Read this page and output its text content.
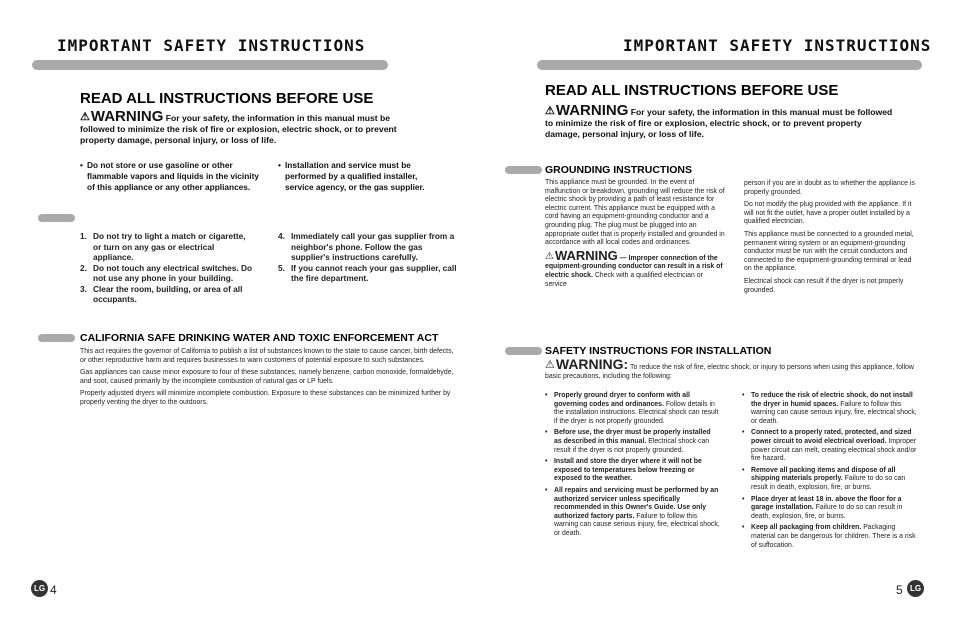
IMPORTANT SAFETY INSTRUCTIONS
READ ALL INSTRUCTIONS BEFORE USE
⚠WARNING For your safety, the information in this manual must be followed to minimize the risk of fire or explosion, electric shock, or to prevent property damage, personal injury, or loss of life.
• Do not store or use gasoline or other flammable vapors and liquids in the vicinity of this appliance or any other appliances.
• Installation and service must be performed by a qualified installer, service agency, or the gas supplier.
1. Do not try to light a match or cigarette, or turn on any gas or electrical appliance.
2. Do not touch any electrical switches. Do not use any phone in your building.
3. Clear the room, building, or area of all occupants.
4. Immediately call your gas supplier from a neighbor's phone. Follow the gas supplier's instructions carefully.
5. If you cannot reach your gas supplier, call the fire department.
CALIFORNIA SAFE DRINKING WATER AND TOXIC ENFORCEMENT ACT

This act requires the governor of California to publish a list of substances known to the state to cause cancer, birth defects, or other reproductive harm and requires businesses to warn customers of potential exposure to such substances.

Gas appliances can cause minor exposure to four of these substances, namely benzene, carbon monoxide, formaldehyde, and soot, caused primarily by the incomplete combustion of natural gas or LP fuels.

Properly adjusted dryers will minimize incomplete combustion. Exposure to these substances can be minimized further by properly venting the dryer to the outdoors.

LG 4
IMPORTANT SAFETY INSTRUCTIONS
READ ALL INSTRUCTIONS BEFORE USE
⚠WARNING For your safety, the information in this manual must be followed to minimize the risk of fire or explosion, electric shock, or to prevent property damage, personal injury, or loss of life.
GROUNDING INSTRUCTIONS

This appliance must be grounded. In the event of malfunction or breakdown, grounding will reduce the risk of electric shock by providing a path of least resistance for electric current. This appliance must be equipped with a cord having an equipment-grounding conductor and a grounding plug. The plug must be plugged into an appropriate outlet that is properly installed and grounded in accordance with all local codes and ordinances.

⚠WARNING — Improper connection of the equipment-grounding conductor can result in a risk of electric shock. Check with a qualified electrician or service

person if you are in doubt as to whether the appliance is properly grounded.

Do not modify the plug provided with the appliance. If it will not fit the outlet, have a proper outlet installed by a qualified electrician.

This appliance must be connected to a grounded metal, permanent wiring system or an equipment-grounding conductor must be run with the circuit conductors and connected to the equipment-grounding terminal or lead on the appliance.

Electrical shock can result if the dryer is not properly grounded.

SAFETY INSTRUCTIONS FOR INSTALLATION
⚠WARNING: To reduce the risk of fire, electric shock, or injury to persons when using this appliance, follow basic precautions, including the following:
• Properly ground dryer to conform with all governing codes and ordinances. Follow details in the installation instructions. Electrical shock can result if the dryer is not properly grounded.
• Before use, the dryer must be properly installed as described in this manual. Electrical shock can result if the dryer is not properly grounded.
• Install and store the dryer where it will not be exposed to temperatures below freezing or exposed to the weather.
• All repairs and servicing must be performed by an authorized servicer unless specifically recommended in this Owner's Guide. Use only authorized factory parts. Failure to follow this warning can cause serious injury, fire, electrical shock, or death.
• To reduce the risk of electric shock, do not install the dryer in humid spaces. Failure to follow this warning can cause serious injury, fire, electrical shock, or death.
• Connect to a properly rated, protected, and sized power circuit to avoid electrical overload. Improper power circuit can melt, creating electrical shock and/or fire hazard.
• Remove all packing items and dispose of all shipping materials properly. Failure to do so can result in death, explosion, fire, or burns.
• Place dryer at least 18 in. above the floor for a garage installation. Failure to do so can result in death, explosion, fire, or burns.
• Keep all packaging from children. Packaging material can be dangerous for children. There is a risk of suffocation.
5 LG
